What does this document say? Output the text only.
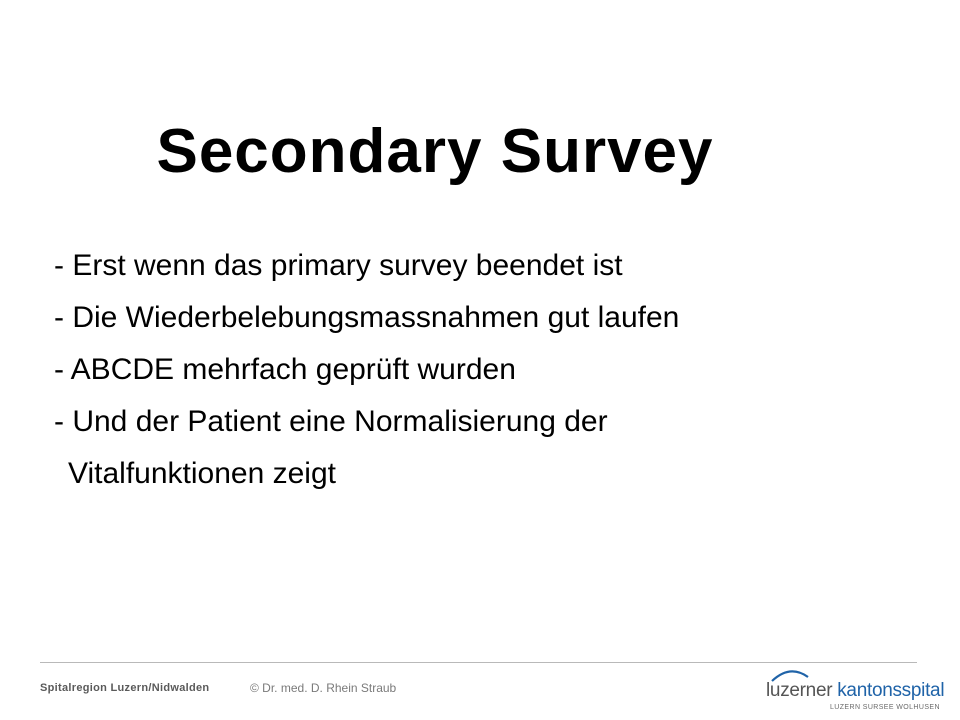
Secondary Survey
- Erst wenn das primary survey beendet ist
- Die Wiederbelebungsmassnahmen gut laufen
- ABCDE mehrfach geprüft wurden
- Und der Patient eine Normalisierung der
Vitalfunktionen zeigt
Spitalregion Luzern/Nidwalden	© Dr. med. D. Rhein Straub	luzerner kantonsspital
LUZERN SURSEE WOLHUSEN
